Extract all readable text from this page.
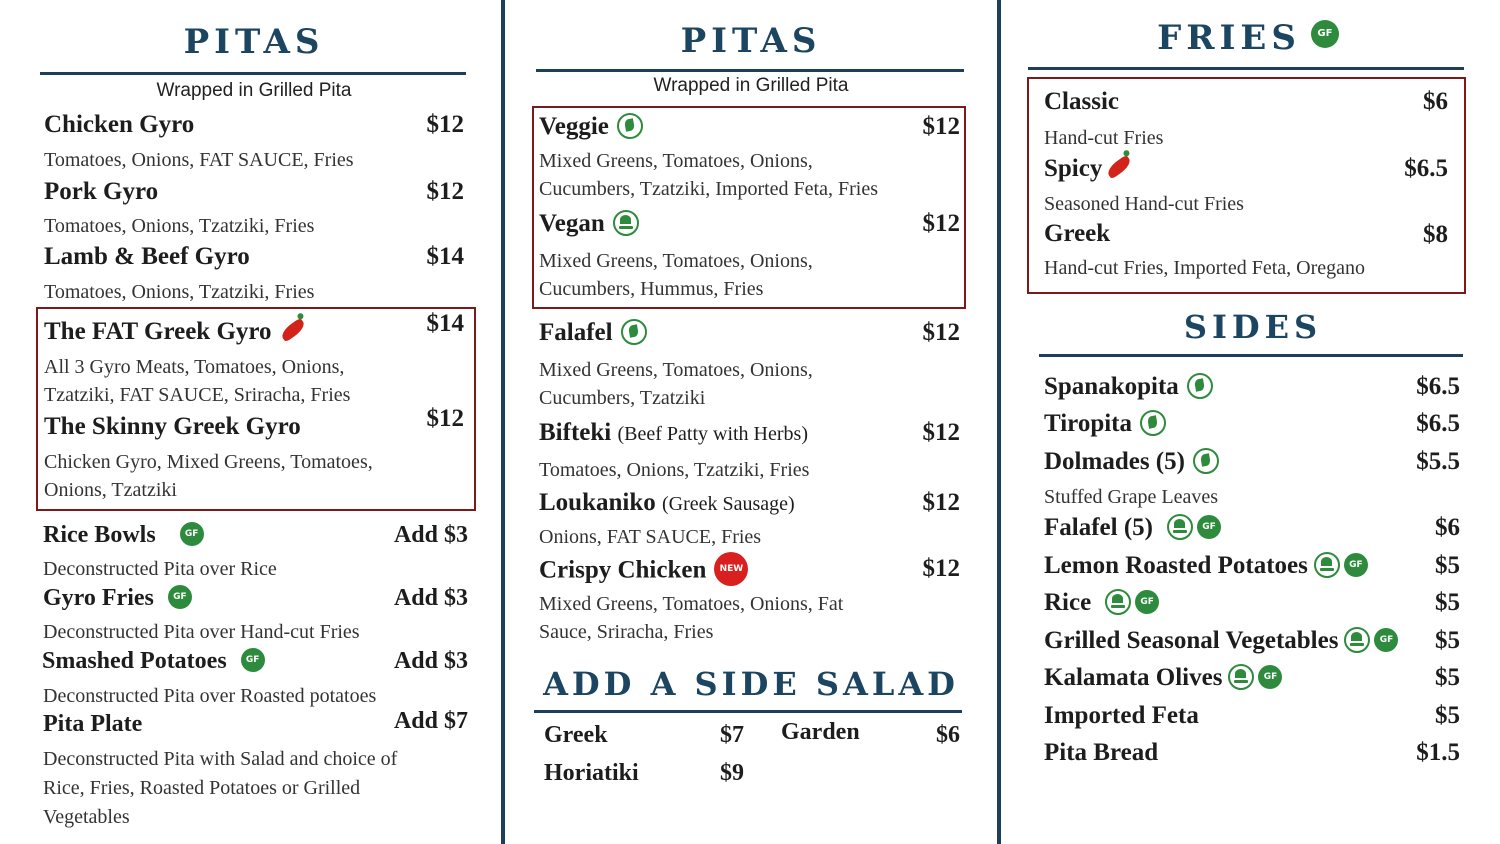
PITAS
Wrapped in Grilled Pita
Chicken Gyro	$12
Tomatoes, Onions, FAT SAUCE, Fries
Pork Gyro	$12
Tomatoes, Onions, Tzatziki, Fries
Lamb & Beef Gyro	$14
Tomatoes, Onions, Tzatziki, Fries
The FAT Greek Gyro	$14
All 3 Gyro Meats, Tomatoes, Onions,
Tzatziki, FAT SAUCE, Sriracha, Fries
The Skinny Greek Gyro	$12
Chicken Gyro, Mixed Greens, Tomatoes,
Onions, Tzatziki
Rice Bowls	GF	Add $3
Deconstructed Pita over Rice
Gyro Fries GF	Add $3
Deconstructed Pita over Hand-cut Fries
Smashed Potatoes GF	Add $3
Deconstructed Pita over Roasted potatoes
Pita Plate	Add $7
Deconstructed Pita with Salad and choice of
Rice, Fries, Roasted Potatoes or Grilled
Vegetables
PITAS
Wrapped in Grilled Pita
Veggie	$12
Mixed Greens, Tomatoes, Onions,
Cucumbers, Tzatziki, Imported Feta, Fries
Vegan	$12
Mixed Greens, Tomatoes, Onions,
Cucumbers, Hummus, Fries
Falafel	$12
Mixed Greens, Tomatoes, Onions,
Cucumbers, Tzatziki
Bifteki (Beef Patty with Herbs)	$12
Tomatoes, Onions, Tzatziki, Fries
Loukaniko (Greek Sausage)	$12
Onions, FAT SAUCE, Fries
Crispy Chicken NEW	$12
Mixed Greens, Tomatoes, Onions, Fat
Sauce, Sriracha, Fries
ADD A SIDE SALAD
Greek	$7 Garden	$6
Horiatiki	$9
FRIES GF
Classic	$6
Hand-cut Fries
Spicy	$6.5
Seasoned Hand-cut Fries
Greek	$8
Hand-cut Fries, Imported Feta, Oregano
SIDES
Spanakopita	$6.5
Tiropita	$6.5
Dolmades (5)	$5.5
Stuffed Grape Leaves
Falafel (5)	GF	$6
Lemon Roasted Potatoes	GF	$5
Rice	GF	$5
Grilled Seasonal Vegetables	GF $5
Kalamata Olives	GF	$5
Imported Feta	$5
Pita Bread	$1.5
